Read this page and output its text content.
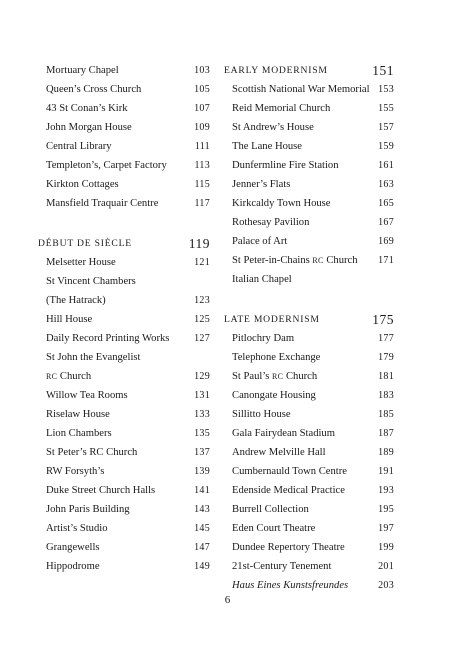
Mortuary Chapel	103
Queen’s Cross Church	105
43 St Conan’s Kirk	107
John Morgan House	109
Central Library	111
Templeton’s, Carpet Factory	113
Kirkton Cottages	115
Mansfield Traquair Centre	117
DÉBUT DE SIÈCLE	119
Melsetter House	121
St Vincent Chambers
(The Hatrack)	123
Hill House	125
Daily Record Printing Works 127
St John the Evangelist
RC Church	129
Willow Tea Rooms	131
Riselaw House	133
Lion Chambers	135
St Peter’s RC Church	137
RW Forsyth’s	139
Duke Street Church Halls	141
John Paris Building	143
Artist’s Studio	145
Grangewells	147
Hippodrome	149
EARLY MODERNISM	151
Scottish National War Memorial 153
Reid Memorial Church	155
St Andrew’s House	157
The Lane House	159
Dunfermline Fire Station	161
Jenner’s Flats	163
Kirkcaldy Town House	165
Rothesay Pavilion	167
Palace of Art	169
St Peter-in-Chains RC Church 171
Italian Chapel
LATE MODERNISM	175
Pitlochry Dam	177
Telephone Exchange	179
St Paul’s RC Church	181
Canongate Housing	183
Sillitto House	185
Gala Fairydean Stadium	187
Andrew Melville Hall	189
Cumbernauld Town Centre	191
Edenside Medical Practice	193
Burrell Collection	195
Eden Court Theatre	197
Dundee Repertory Theatre	199
21st-Century Tenement	201
Haus Eines Kunstsfreundes	203
6
